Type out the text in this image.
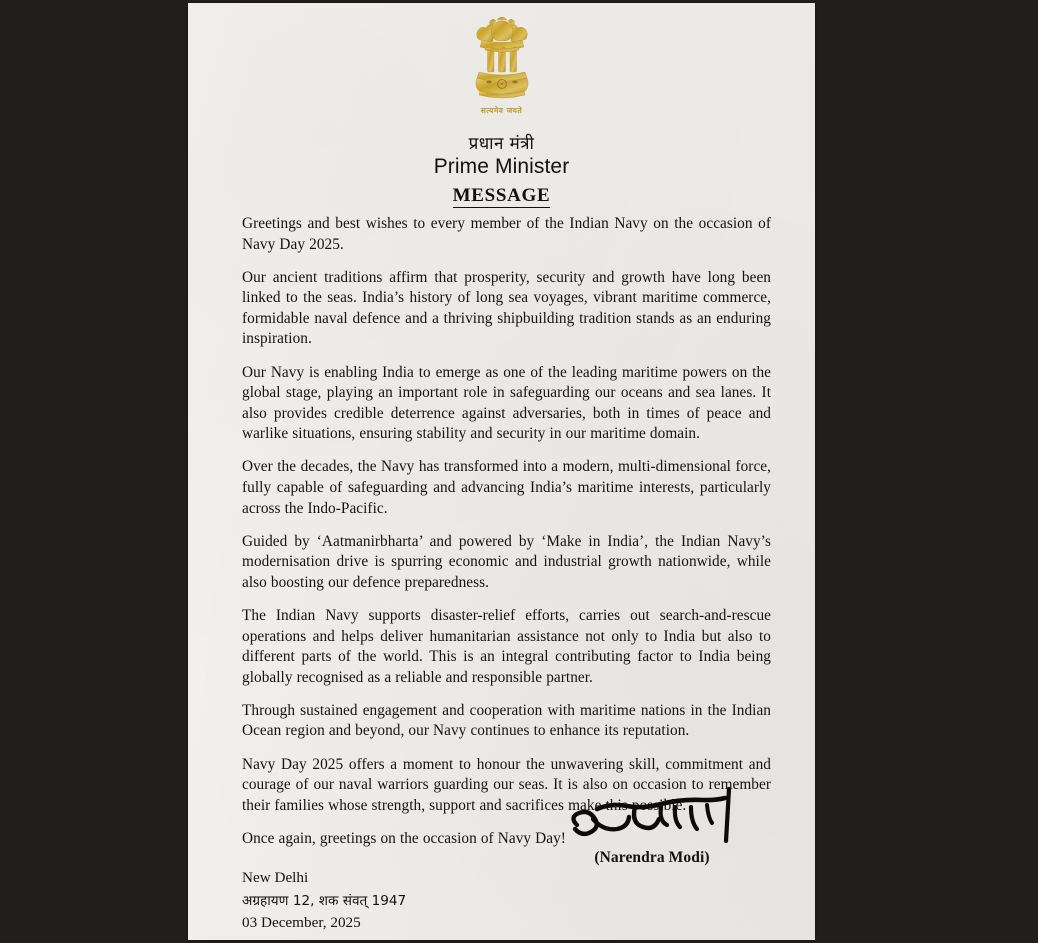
सत्यमेव जयते
प्रधान मंत्री
Prime Minister
MESSAGE

Greetings and best wishes to every member of the Indian Navy on the occasion of Navy Day 2025.

Our ancient traditions affirm that prosperity, security and growth have long been linked to the seas. India’s history of long sea voyages, vibrant maritime commerce, formidable naval defence and a thriving shipbuilding tradition stands as an enduring inspiration.

Our Navy is enabling India to emerge as one of the leading maritime powers on the global stage, playing an important role in safeguarding our oceans and sea lanes. It also provides credible deterrence against adversaries, both in times of peace and warlike situations, ensuring stability and security in our maritime domain.

Over the decades, the Navy has transformed into a modern, multi-dimensional force, fully capable of safeguarding and advancing India’s maritime interests, particularly across the Indo-Pacific.

Guided by ‘Aatmanirbharta’ and powered by ‘Make in India’, the Indian Navy’s modernisation drive is spurring economic and industrial growth nationwide, while also boosting our defence preparedness.

The Indian Navy supports disaster-relief efforts, carries out search-and-rescue operations and helps deliver humanitarian assistance not only to India but also to different parts of the world. This is an integral contributing factor to India being globally recognised as a reliable and responsible partner.

Through sustained engagement and cooperation with maritime nations in the Indian Ocean region and beyond, our Navy continues to enhance its reputation.

Navy Day 2025 offers a moment to honour the unwavering skill, commitment and courage of our naval warriors guarding our seas. It is also on occasion to remember their families whose strength, support and sacrifices make this possible.

Once again, greetings on the occasion of Navy Day!

(Narendra Modi)
New Delhi
अग्रहायण 12, शक संवत् 1947
03 December, 2025
